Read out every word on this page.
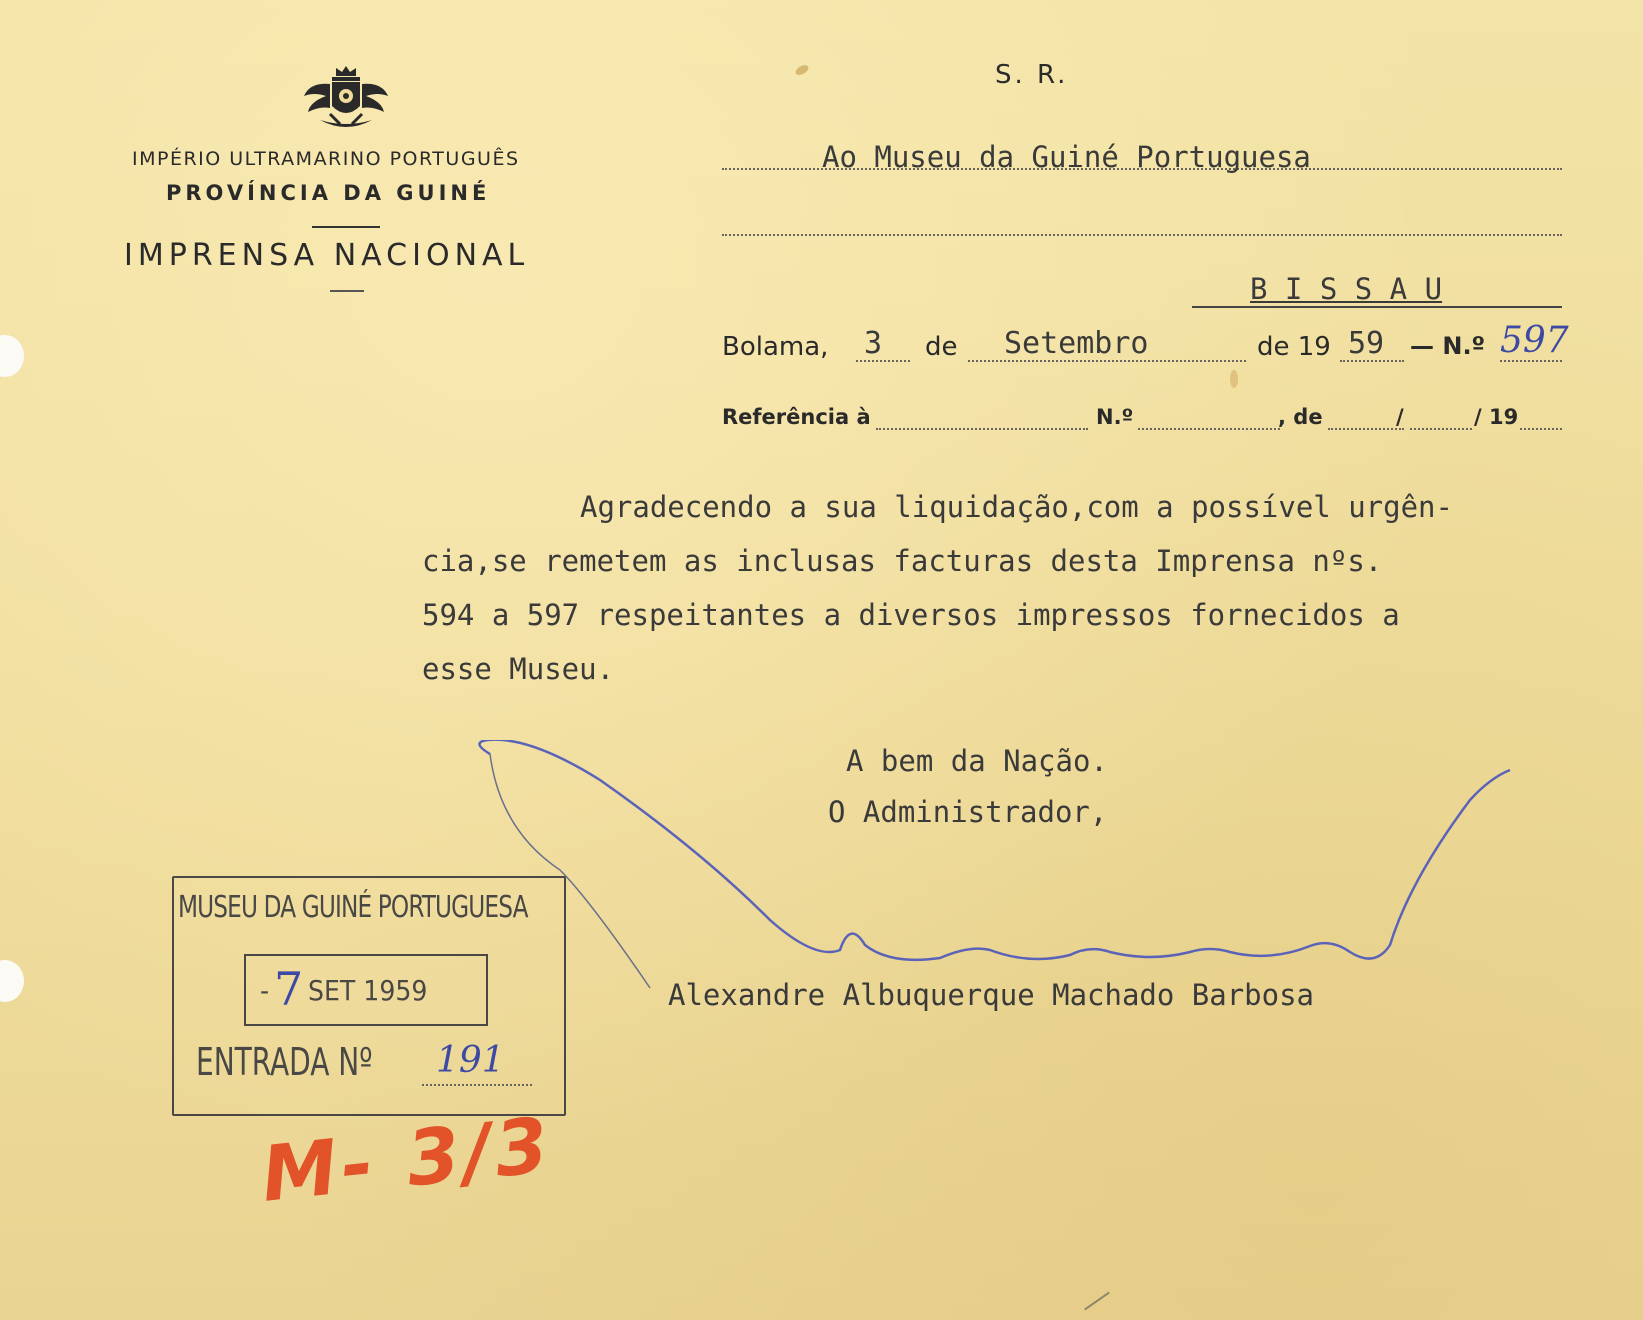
IMPÉRIO ULTRAMARINO PORTUGUÊS
PROVÍNCIA DA GUINÉ
IMPRENSA NACIONAL
S. R.
Ao Museu da Guiné Portuguesa
B I S S A U
Bolama, 3 de Setembro	de 19 59 — N.º 597
Referência à	N.º	, de	/	/ 19
Agradecendo a sua liquidação,com a possível urgên-
cia,se remetem as inclusas facturas desta Imprensa nºs.
594 a 597 respeitantes a diversos impressos fornecidos a
esse Museu.
A bem da Nação.
O Administrador,
Alexandre Albuquerque Machado Barbosa
MUSEU DA GUINÉ PORTUGUESA
- 7 SET 1959
ENTRADA Nº 191
M- 3/3
